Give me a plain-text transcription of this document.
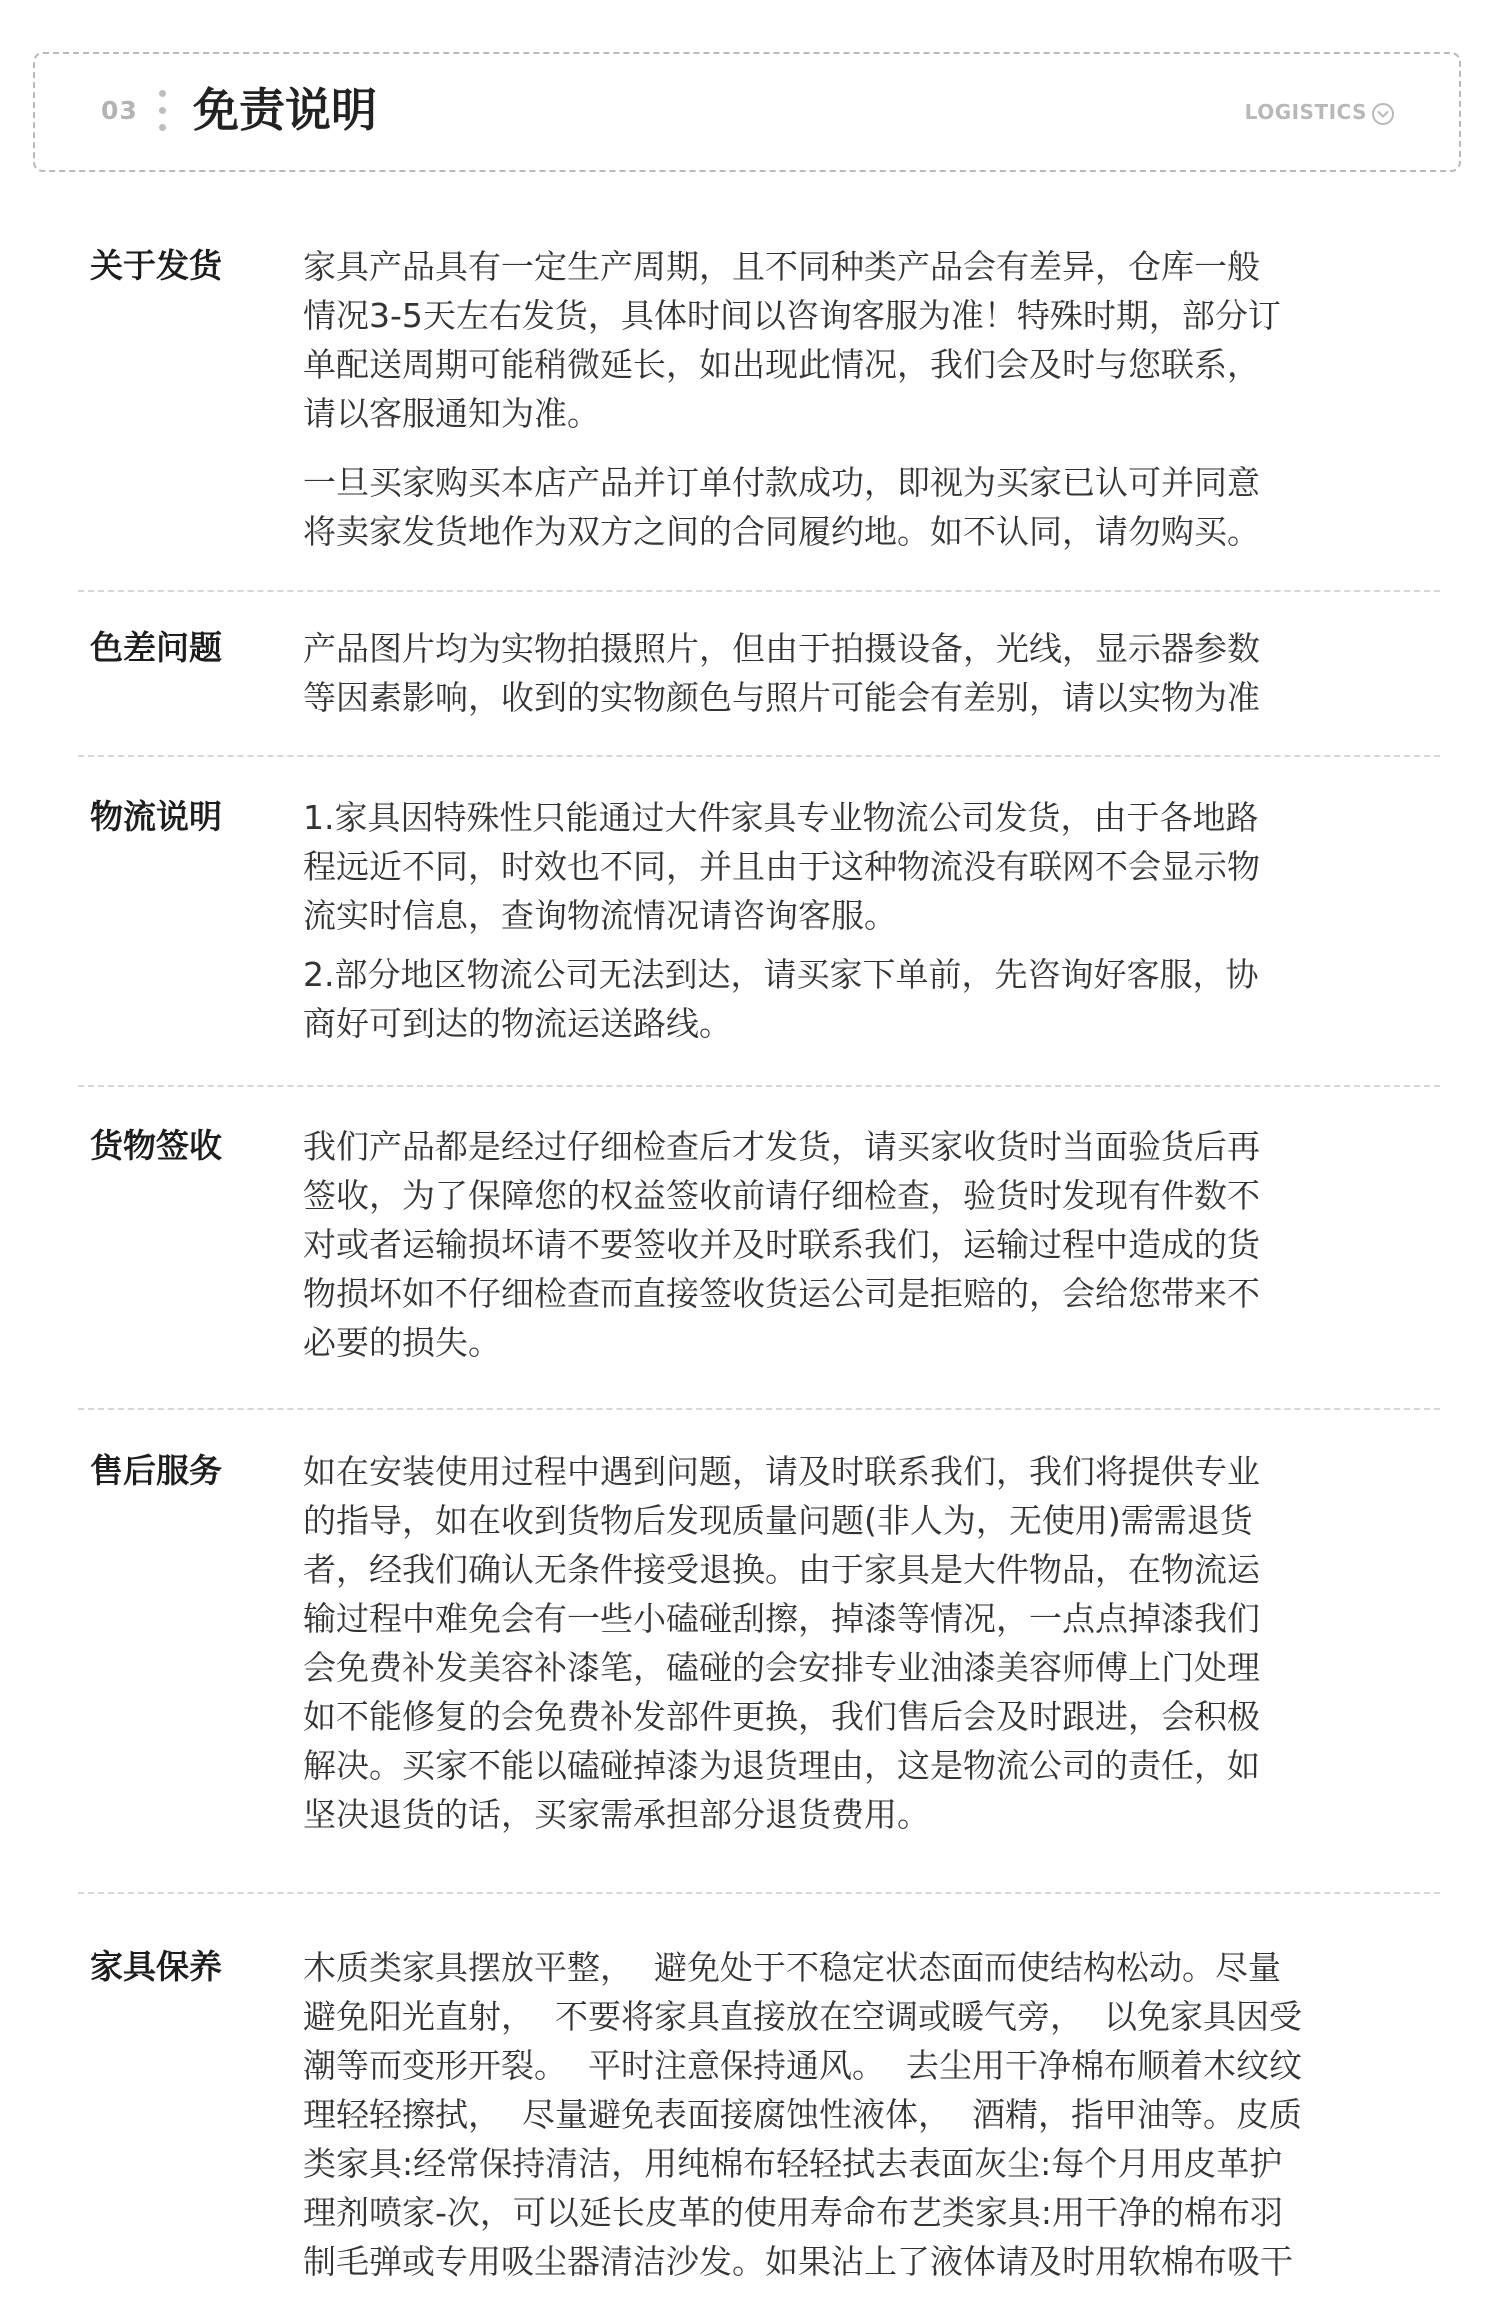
03 免责说明	LOGISTICS
关于发货 家具产品具有一定生产周期，且不同种类产品会有差异，仓库一般
情况3-5天左右发货，具体时间以咨询客服为准！特殊时期，部分订
单配送周期可能稍微延长，如出现此情况，我们会及时与您联系，
请以客服通知为准。

一旦买家购买本店产品并订单付款成功，即视为买家已认可并同意
将卖家发货地作为双方之间的合同履约地。如不认同，请勿购买。

色差问题 产品图片均为实物拍摄照片，但由于拍摄设备，光线，显示器参数
等因素影响，收到的实物颜色与照片可能会有差别，请以实物为准

物流说明 1.家具因特殊性只能通过大件家具专业物流公司发货，由于各地路
程远近不同，时效也不同，并且由于这种物流没有联网不会显示物
流实时信息，查询物流情况请咨询客服。

2.部分地区物流公司无法到达，请买家下单前，先咨询好客服，协
商好可到达的物流运送路线。

货物签收 我们产品都是经过仔细检查后才发货，请买家收货时当面验货后再
签收，为了保障您的权益签收前请仔细检查，验货时发现有件数不
对或者运输损坏请不要签收并及时联系我们，运输过程中造成的货
物损坏如不仔细检查而直接签收货运公司是拒赔的，会给您带来不
必要的损失。

售后服务 如在安装使用过程中遇到问题，请及时联系我们，我们将提供专业
的指导，如在收到货物后发现质量问题(非人为，无使用)需需退货
者，经我们确认无条件接受退换。由于家具是大件物品，在物流运
输过程中难免会有一些小磕碰刮擦，掉漆等情况，一点点掉漆我们
会免费补发美容补漆笔，磕碰的会安排专业油漆美容师傅上门处理
如不能修复的会免费补发部件更换，我们售后会及时跟进，会积极
解决。买家不能以磕碰掉漆为退货理由，这是物流公司的责任，如
坚决退货的话，买家需承担部分退货费用。

家具保养 木质类家具摆放平整，  避免处于不稳定状态面而使结构松动。尽量
避免阳光直射，  不要将家具直接放在空调或暖气旁，  以免家具因受
潮等而变形开裂。  平时注意保持通风。  去尘用干净棉布顺着木纹纹
理轻轻擦拭，  尽量避免表面接腐蚀性液体，  酒精，指甲油等。皮质
类家具:经常保持清洁，用纯棉布轻轻拭去表面灰尘:每个月用皮革护
理剂喷家-次，可以延长皮革的使用寿命布艺类家具:用干净的棉布羽
制毛弹或专用吸尘器清洁沙发。如果沾上了液体请及时用软棉布吸干
